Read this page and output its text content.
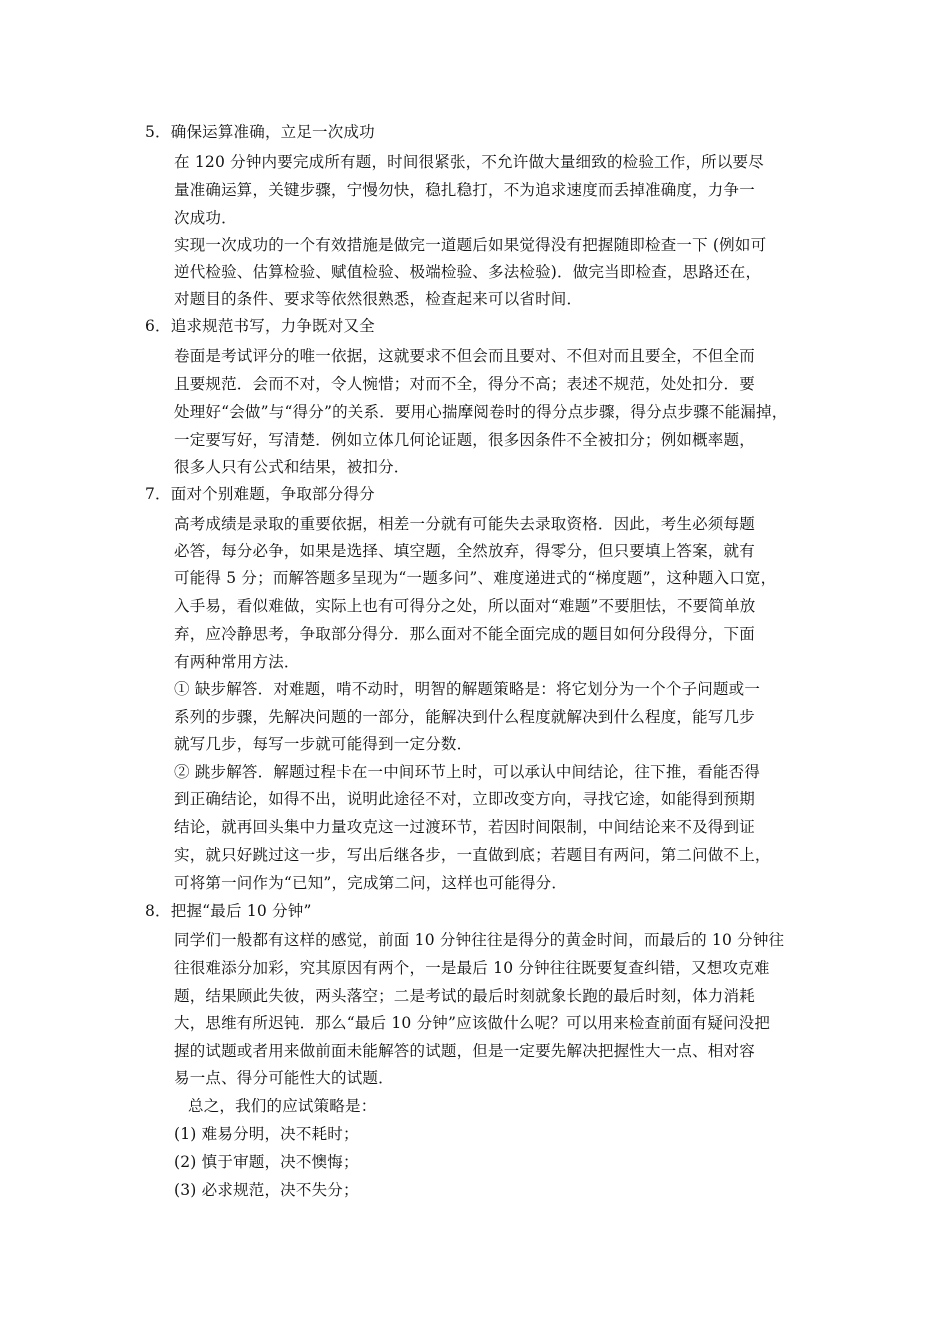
5．确保运算准确，立足一次成功
在 120 分钟内要完成所有题，时间很紧张，不允许做大量细致的检验工作，所以要尽
量准确运算，关键步骤，宁慢勿快，稳扎稳打，不为追求速度而丢掉准确度，力争一
次成功．
实现一次成功的一个有效措施是做完一道题后如果觉得没有把握随即检查一下 (例如可
逆代检验、估算检验、赋值检验、极端检验、多法检验)．做完当即检查，思路还在，
对题目的条件、要求等依然很熟悉，检查起来可以省时间．
6．追求规范书写，力争既对又全
卷面是考试评分的唯一依据，这就要求不但会而且要对、不但对而且要全，不但全而
且要规范．会而不对，令人惋惜；对而不全，得分不高；表述不规范，处处扣分．要
处理好“会做”与“得分”的关系．要用心揣摩阅卷时的得分点步骤，得分点步骤不能漏掉，
一定要写好，写清楚．例如立体几何论证题，很多因条件不全被扣分；例如概率题，
很多人只有公式和结果，被扣分．
7．面对个别难题，争取部分得分
高考成绩是录取的重要依据，相差一分就有可能失去录取资格．因此，考生必须每题
必答，每分必争，如果是选择、填空题，全然放弃，得零分，但只要填上答案，就有
可能得 5 分；而解答题多呈现为“一题多问”、难度递进式的“梯度题”，这种题入口宽，
入手易，看似难做，实际上也有可得分之处，所以面对“难题”不要胆怯，不要简单放
弃，应冷静思考，争取部分得分．那么面对不能全面完成的题目如何分段得分，下面
有两种常用方法．
① 缺步解答．对难题，啃不动时，明智的解题策略是：将它划分为一个个子问题或一
系列的步骤，先解决问题的一部分，能解决到什么程度就解决到什么程度，能写几步
就写几步，每写一步就可能得到一定分数．
② 跳步解答．解题过程卡在一中间环节上时，可以承认中间结论，往下推，看能否得
到正确结论，如得不出，说明此途径不对，立即改变方向，寻找它途，如能得到预期
结论，就再回头集中力量攻克这一过渡环节，若因时间限制，中间结论来不及得到证
实，就只好跳过这一步，写出后继各步，一直做到底；若题目有两问，第二问做不上，
可将第一问作为“已知”，完成第二问，这样也可能得分．
8．把握“最后 10 分钟”
同学们一般都有这样的感觉，前面 10 分钟往往是得分的黄金时间，而最后的 10 分钟往
往很难添分加彩，究其原因有两个，一是最后 10 分钟往往既要复查纠错，又想攻克难
题，结果顾此失彼，两头落空；二是考试的最后时刻就象长跑的最后时刻，体力消耗
大，思维有所迟钝．那么“最后 10 分钟”应该做什么呢？可以用来检查前面有疑问没把
握的试题或者用来做前面未能解答的试题，但是一定要先解决把握性大一点、相对容
易一点、得分可能性大的试题．
总之，我们的应试策略是：
(1) 难易分明，决不耗时；
(2) 慎于审题，决不懊悔；
(3) 必求规范，决不失分；
